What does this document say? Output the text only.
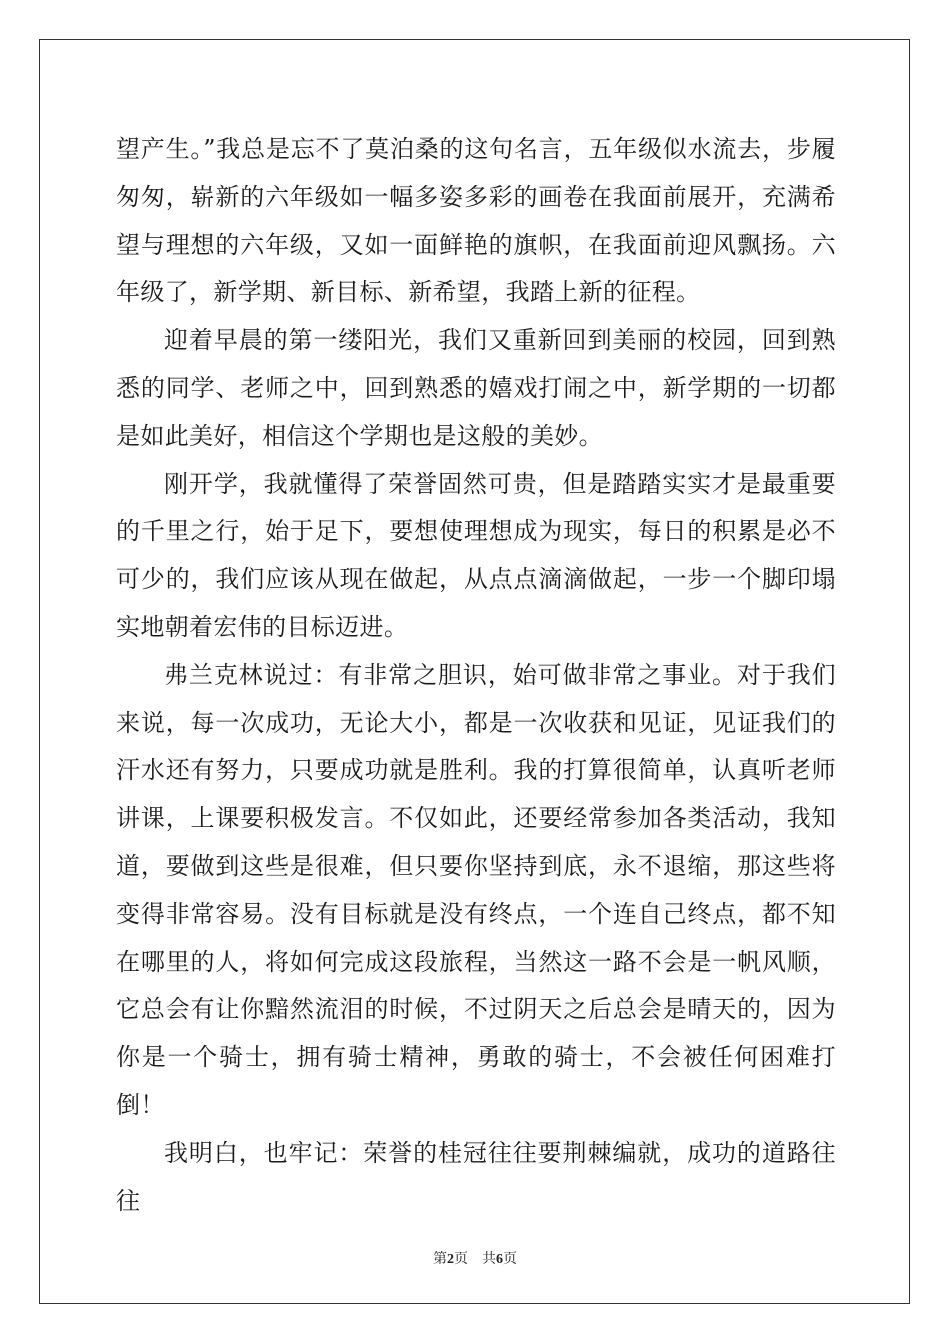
望产生。”我总是忘不了莫泊桑的这句名言，五年级似水流去，步履匆匆，崭新的六年级如一幅多姿多彩的画卷在我面前展开，充满希望与理想的六年级，又如一面鲜艳的旗帜，在我面前迎风飘扬。六年级了，新学期、新目标、新希望，我踏上新的征程。

迎着早晨的第一缕阳光，我们又重新回到美丽的校园，回到熟悉的同学、老师之中，回到熟悉的嬉戏打闹之中，新学期的一切都是如此美好，相信这个学期也是这般的美妙。

刚开学，我就懂得了荣誉固然可贵，但是踏踏实实才是最重要的千里之行，始于足下，要想使理想成为现实，每日的积累是必不可少的，我们应该从现在做起，从点点滴滴做起，一步一个脚印塌实地朝着宏伟的目标迈进。

弗兰克林说过：有非常之胆识，始可做非常之事业。对于我们来说，每一次成功，无论大小，都是一次收获和见证，见证我们的汗水还有努力，只要成功就是胜利。我的打算很简单，认真听老师讲课，上课要积极发言。不仅如此，还要经常参加各类活动，我知道，要做到这些是很难，但只要你坚持到底，永不退缩，那这些将变得非常容易。没有目标就是没有终点，一个连自己终点，都不知在哪里的人，将如何完成这段旅程，当然这一路不会是一帆风顺，它总会有让你黯然流泪的时候，不过阴天之后总会是晴天的，因为你是一个骑士，拥有骑士精神，勇敢的骑士，不会被任何困难打倒！

我明白，也牢记：荣誉的桂冠往往要荆棘编就，成功的道路往往

第2页 共6页
